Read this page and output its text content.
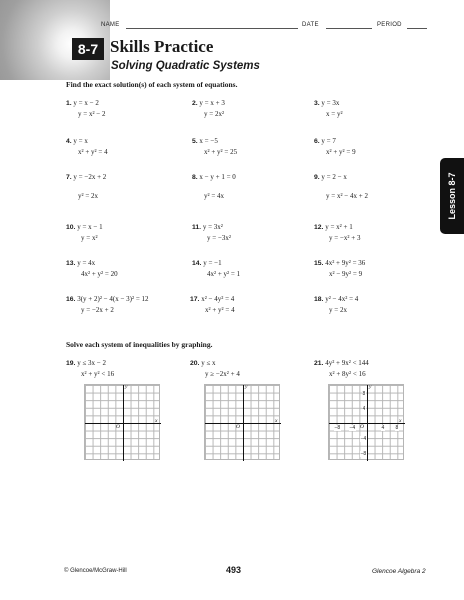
NAME	DATE	PERIOD
8-7 Skills Practice
Solving Quadratic Systems
Lesson 8-7
Find the exact solution(s) of each system of equations.
1. y = x − 2
y = x² − 2
2. y = x + 3
y = 2x²
3. y = 3x
x = y²
4. y = x
x² + y² = 4
5. x = −5
x² + y² = 25
6. y = 7
x² + y² = 9
7. y = −2x + 2
y² = 2x
8. x − y + 1 = 0
y² = 4x
9. y = 2 − x
y = x² − 4x + 2
10. y = x − 1
y = x²
11. y = 3x²
y = −3x²
12. y = x² + 1
y = −x² + 3
13. y = 4x
4x² + y² = 20
14. y = −1
4x² + y² = 1
15. 4x² + 9y² = 36
x² − 9y² = 9
16. 3(y + 2)² − 4(x − 3)² = 12
y = −2x + 2
17. x² − 4y² = 4
x² + y² = 4
18. y² − 4x² = 4
y = 2x
Solve each system of inequalities by graphing.
19. y ≤ 3x − 2
x² + y² < 16
20. y ≤ x
y ≥ −2x² + 4
21. 4y² + 9x² < 144
x² + 8y² < 16
O
x
y
O
x
y
O
x
y
−8 −4	4 8
8
4
−4
−8
© Glencoe/McGraw-Hill	493	Glencoe Algebra 2
